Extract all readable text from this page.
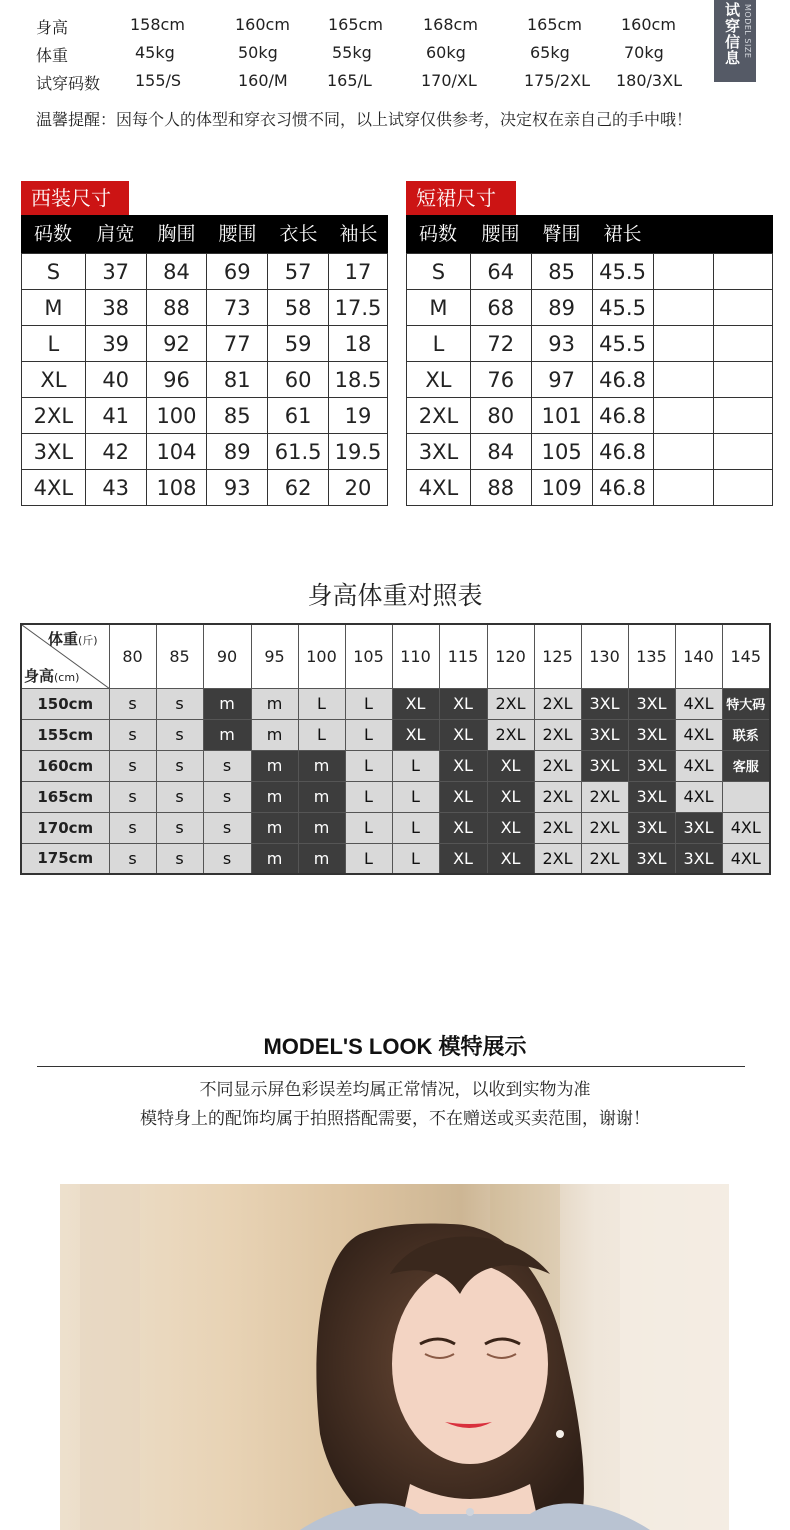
身高	158cm	160cm 165cm	168cm	165cm 160cm
体重	45kg	50kg	55kg	60kg	65kg	70kg
试穿码数 155/S	160/M 165/L	170/XL	175/2XL 180/3XL
试穿信息 MODEL SIZE
温馨提醒：因每个人的体型和穿衣习惯不同，以上试穿仅供参考，决定权在亲自己的手中哦！
西装尺寸
码数	肩宽	胸围	腰围	衣长	袖长
S	37	84	69	57	17
M	38	88	73	58	17.5
L	39	92	77	59	18
XL	40	96	81	60	18.5
2XL	41	100	85	61	19
3XL	42	104	89	61.5	19.5
4XL	43	108	93	62	20
短裙尺寸
码数	腰围	臀围	裙长
S	64	85	45.5		
M	68	89	45.5		
L	72	93	45.5		
XL	76	97	46.8		
2XL	80	101	46.8		
3XL	84	105	46.8		
4XL	88	109	46.8		
身高体重对照表
体重(斤)
身高(cm)	80	85	90	95	100	105	110	115	120	125	130	135	140	145
150cm	s	s	m	m	L	L	XL	XL	2XL	2XL	3XL	3XL	4XL	特大码
155cm	s	s	m	m	L	L	XL	XL	2XL	2XL	3XL	3XL	4XL	联系
160cm	s	s	s	m	m	L	L	XL	XL	2XL	3XL	3XL	4XL	客服
165cm	s	s	s	m	m	L	L	XL	XL	2XL	2XL	3XL	4XL	
170cm	s	s	s	m	m	L	L	XL	XL	2XL	2XL	3XL	3XL	4XL
175cm	s	s	s	m	m	L	L	XL	XL	2XL	2XL	3XL	3XL	4XL
MODEL'S LOOK 模特展示
不同显示屏色彩误差均属正常情况，以收到实物为准
模特身上的配饰均属于拍照搭配需要，不在赠送或买卖范围，谢谢！
